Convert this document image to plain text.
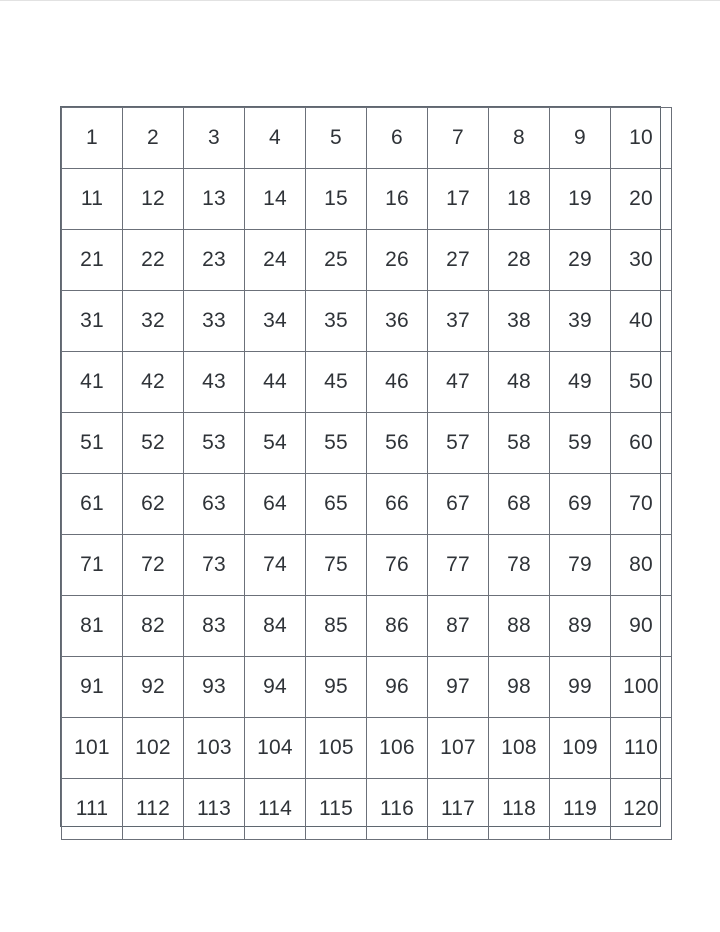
1	2	3	4	5	6	7	8	9	10
11	12	13	14	15	16	17	18	19	20
21	22	23	24	25	26	27	28	29	30
31	32	33	34	35	36	37	38	39	40
41	42	43	44	45	46	47	48	49	50
51	52	53	54	55	56	57	58	59	60
61	62	63	64	65	66	67	68	69	70
71	72	73	74	75	76	77	78	79	80
81	82	83	84	85	86	87	88	89	90
91	92	93	94	95	96	97	98	99	100
101	102	103	104	105	106	107	108	109	110
111	112	113	114	115	116	117	118	119	120
